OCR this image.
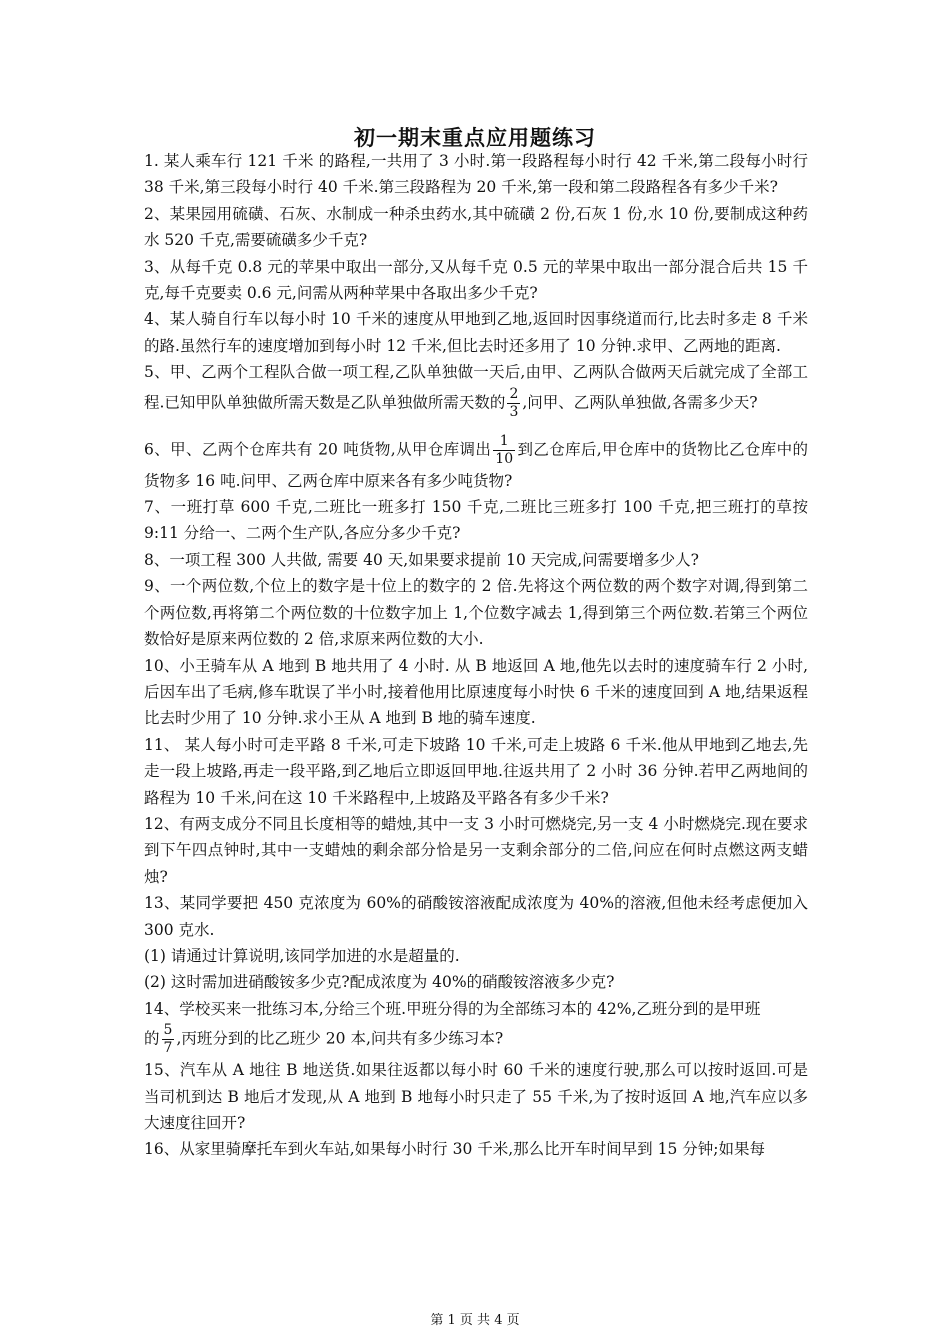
初一期末重点应用题练习

1. 某人乘车行 121 千米 的路程,一共用了 3 小时.第一段路程每小时行 42 千米,第二段每小时行 38 千米,第三段每小时行 40 千米.第三段路程为 20 千米,第一段和第二段路程各有多少千米?

2、某果园用硫磺、石灰、水制成一种杀虫药水,其中硫磺 2 份,石灰 1 份,水 10 份,要制成这种药水 520 千克,需要硫磺多少千克?

3、从每千克 0.8 元的苹果中取出一部分,又从每千克 0.5 元的苹果中取出一部分混合后共 15 千克,每千克要卖 0.6 元,问需从两种苹果中各取出多少千克?

4、某人骑自行车以每小时 10 千米的速度从甲地到乙地,返回时因事绕道而行,比去时多走 8 千米的路.虽然行车的速度增加到每小时 12 千米,但比去时还多用了 10 分钟.求甲、乙两地的距离.

5、甲、乙两个工程队合做一项工程,乙队单独做一天后,由甲、乙两队合做两天后就完成了全部工程.已知甲队单独做所需天数是乙队单独做所需天数的 $\frac{2}{3}$ ,问甲、乙两队单独做,各需多少天?

6、甲、乙两个仓库共有 20 吨货物,从甲仓库调出 $\frac{1}{10}$ 到乙仓库后,甲仓库中的货物比乙仓库中的货物多 16 吨.问甲、乙两仓库中原来各有多少吨货物?

7、一班打草 600 千克,二班比一班多打 150 千克,二班比三班多打 100 千克,把三班打的草按 9:11 分给一、二两个生产队,各应分多少千克?

8、一项工程 300 人共做, 需要 40 天,如果要求提前 10 天完成,问需要增多少人?

9、一个两位数,个位上的数字是十位上的数字的 2 倍.先将这个两位数的两个数字对调,得到第二个两位数,再将第二个两位数的十位数字加上 1,个位数字减去 1,得到第三个两位数.若第三个两位数恰好是原来两位数的 2 倍,求原来两位数的大小.

10、小王骑车从 A 地到 B 地共用了 4 小时. 从 B 地返回 A 地,他先以去时的速度骑车行 2 小时,后因车出了毛病,修车耽误了半小时,接着他用比原速度每小时快 6 千米的速度回到 A 地,结果返程比去时少用了 10 分钟.求小王从 A 地到 B 地的骑车速度.

11、 某人每小时可走平路 8 千米,可走下坡路 10 千米,可走上坡路 6 千米.他从甲地到乙地去,先走一段上坡路,再走一段平路,到乙地后立即返回甲地.往返共用了 2 小时 36 分钟.若甲乙两地间的路程为 10 千米,问在这 10 千米路程中,上坡路及平路各有多少千米?

12、有两支成分不同且长度相等的蜡烛,其中一支 3 小时可燃烧完,另一支 4 小时燃烧完.现在要求到下午四点钟时,其中一支蜡烛的剩余部分恰是另一支剩余部分的二倍,问应在何时点燃这两支蜡烛?

13、某同学要把 450 克浓度为 60%的硝酸铵溶液配成浓度为 40%的溶液,但他未经考虑便加入 300 克水.

(1) 请通过计算说明,该同学加进的水是超量的.

(2) 这时需加进硝酸铵多少克?配成浓度为 40%的硝酸铵溶液多少克?

14、学校买来一批练习本,分给三个班.甲班分得的为全部练习本的 42%,乙班分到的是甲班

的 $\frac{5}{7}$ ,丙班分到的比乙班少 20 本,问共有多少练习本?

15、汽车从 A 地往 B 地送货.如果往返都以每小时 60 千米的速度行驶,那么可以按时返回.可是当司机到达 B 地后才发现,从 A 地到 B 地每小时只走了 55 千米,为了按时返回 A 地,汽车应以多大速度往回开?

16、从家里骑摩托车到火车站,如果每小时行 30 千米,那么比开车时间早到 15 分钟;如果每

第 1 页 共 4 页
